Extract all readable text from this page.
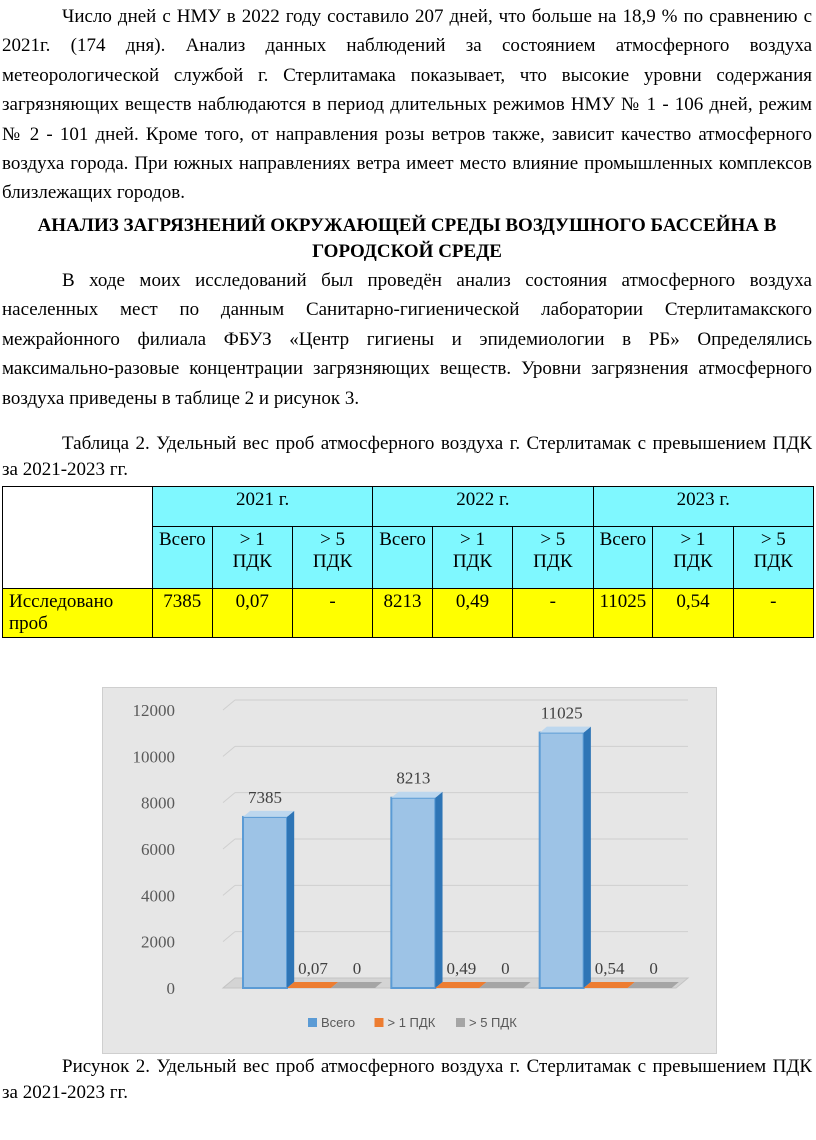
Число дней с НМУ в 2022 году составило 207 дней, что больше на 18,9 % по сравнению с 2021г. (174 дня). Анализ данных наблюдений за состоянием атмосферного воздуха метеорологической службой г. Стерлитамака показывает, что высокие уровни содержания загрязняющих веществ наблюдаются в период длительных режимов НМУ № 1 - 106 дней, режим № 2 - 101 дней. Кроме того, от направления розы ветров также, зависит качество атмосферного воздуха города. При южных направлениях ветра имеет место влияние промышленных комплексов близлежащих городов.

АНАЛИЗ ЗАГРЯЗНЕНИЙ ОКРУЖАЮЩЕЙ СРЕДЫ ВОЗДУШНОГО БАССЕЙНА В ГОРОДСКОЙ СРЕДЕ

В ходе моих исследований был проведён анализ состояния атмосферного воздуха населенных мест по данным Санитарно-гигиенической лаборатории Стерлитамакского межрайонного филиала ФБУЗ «Центр гигиены и эпидемиологии в РБ» Определялись максимально-разовые концентрации загрязняющих веществ. Уровни загрязнения атмосферного воздуха приведены в таблице 2 и рисунок 3.

Таблица 2. Удельный вес проб атмосферного воздуха г. Стерлитамак с превышением ПДК за 2021-2023 гг.

	2021 г.			2022 г.			2023 г.		
	Всего	> 1 ПДК	> 5 ПДК	Всего	> 1 ПДК	> 5 ПДК	Всего	> 1 ПДК	> 5 ПДК
Исследовано проб	7385	0,07	-	8213	0,49	-	11025	0,54	-
0
2000
4000
6000
8000
10000
12000
7385
0,07 0
8213
0,49 0
11025
0,54 0
Всего > 1 ПДК	> 5 ПДК

Рисунок 2. Удельный вес проб атмосферного воздуха г. Стерлитамак с превышением ПДК за 2021-2023 гг.
